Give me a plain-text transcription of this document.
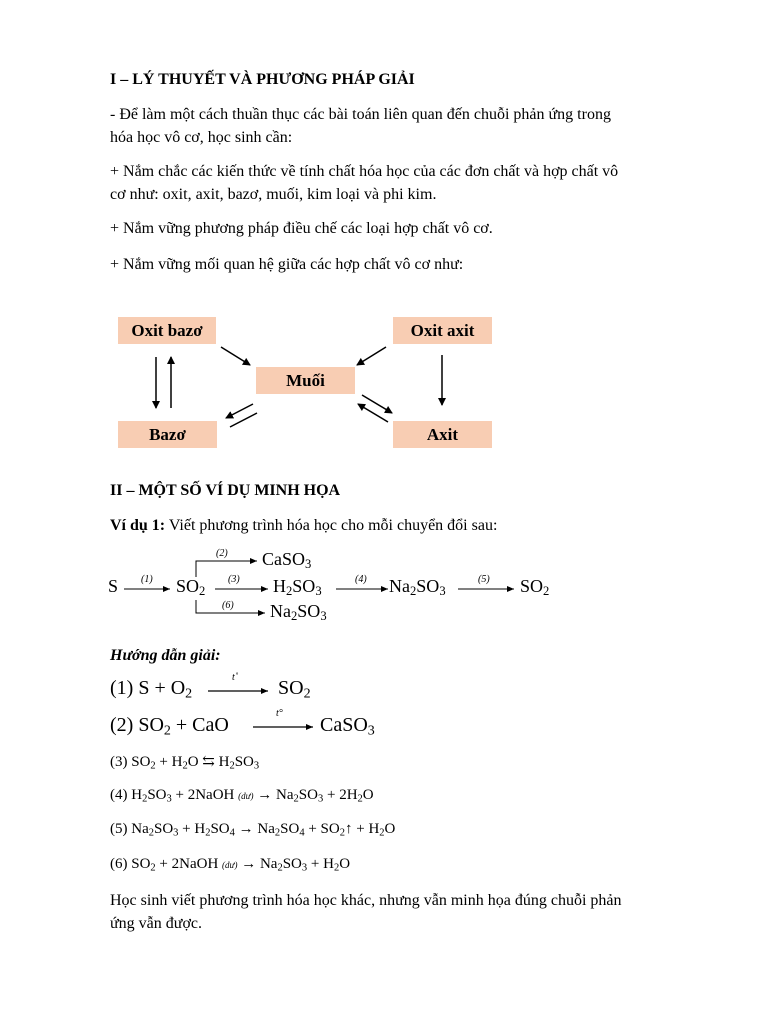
I – LÝ THUYẾT VÀ PHƯƠNG PHÁP GIẢI
- Để làm một cách thuần thục các bài toán liên quan đến chuỗi phản ứng trong
hóa học vô cơ, học sinh cần:
+ Nắm chắc các kiến thức về tính chất hóa học của các đơn chất và hợp chất vô
cơ như: oxit, axit, bazơ, muối, kim loại và phi kim.
+ Nắm vững phương pháp điều chế các loại hợp chất vô cơ.
+ Nắm vững mối quan hệ giữa các hợp chất vô cơ như:
Oxit bazơ	Oxit axit
Muối
Bazơ	Axit
II – MỘT SỐ VÍ DỤ MINH HỌA
Ví dụ 1: Viết phương trình hóa học cho mỗi chuyển đổi sau:
S (1) $SO_2$
(2) CaSO$_3$
(3) $H_2SO_3$
(4) $Na_2SO_3$
(5) $SO_2$
(6) $Na_2SO_3$
Hướng dẫn giải:
(1) $S + O_2$
t˚ $SO_2$
(2) $SO_2$ + CaO
t°
CaSO$_3$
(3) $SO_2 + H_2O$ ⇆ $H_2SO_3$
(4) $H_2SO_3$ + 2NaOH (dư) → $Na_2SO_3 + 2H_2O$
(5) $Na_2SO_3 + H_2SO_4 \to Na_2SO_4$ + $SO_2↑ + H_2O$
(6) $SO_2$ + 2NaOH (dư) → $Na_2SO_3 + H_2O$
Học sinh viết phương trình hóa học khác, nhưng vẫn minh họa đúng chuỗi phản
ứng vẫn được.
